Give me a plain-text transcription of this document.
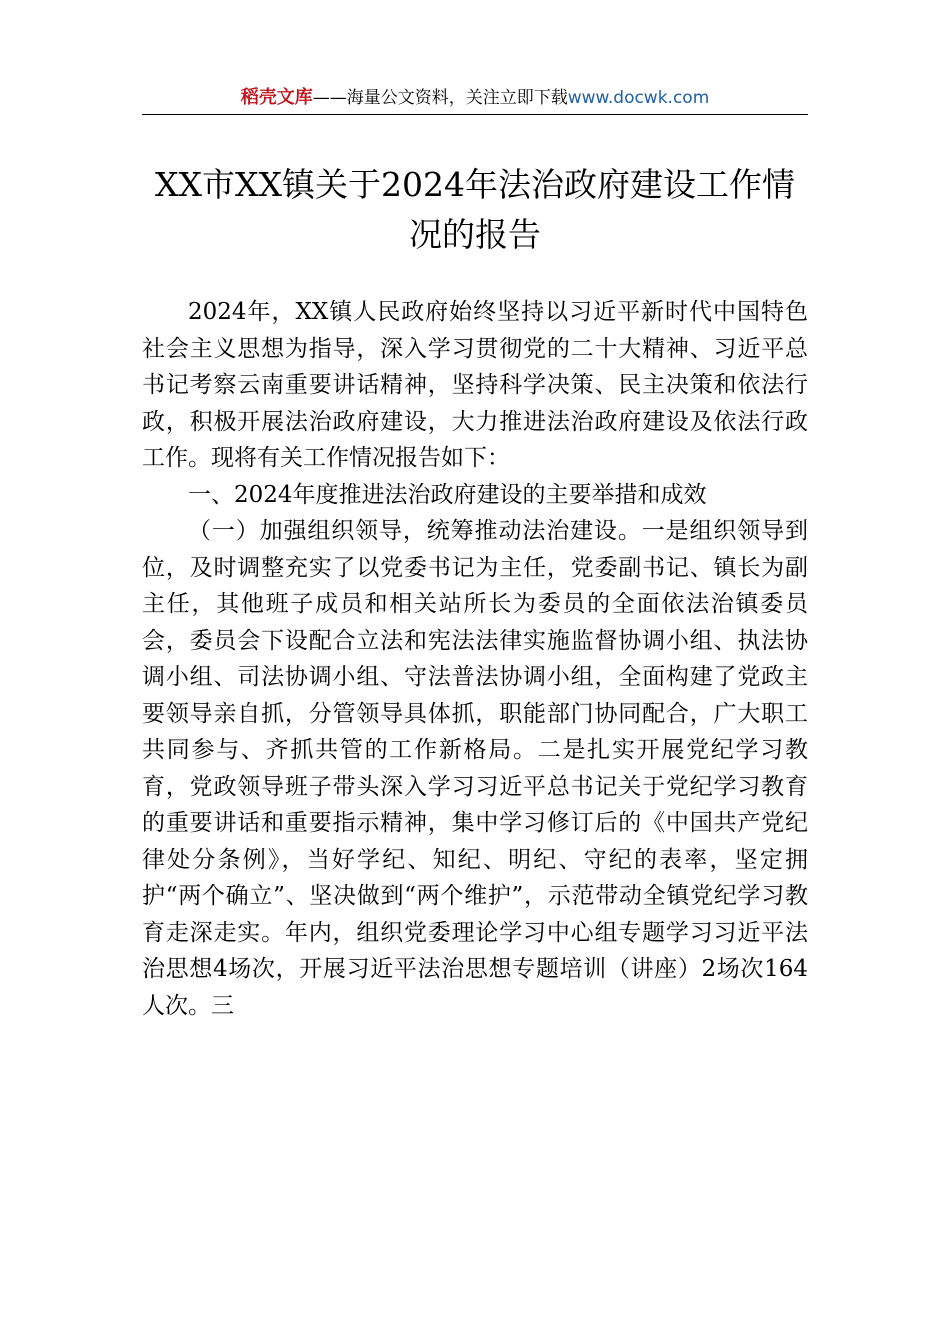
稻壳文库——海量公文资料，关注立即下载www.docwk.com
XX市XX镇关于2024年法治政府建设工作情况的报告

2024年，XX镇人民政府始终坚持以习近平新时代中国特色社会主义思想为指导，深入学习贯彻党的二十大精神、习近平总书记考察云南重要讲话精神，坚持科学决策、民主决策和依法行政，积极开展法治政府建设，大力推进法治政府建设及依法行政工作。现将有关工作情况报告如下：

一、2024年度推进法治政府建设的主要举措和成效

（一）加强组织领导，统筹推动法治建设。一是组织领导到位，及时调整充实了以党委书记为主任，党委副书记、镇长为副主任，其他班子成员和相关站所长为委员的全面依法治镇委员会，委员会下设配合立法和宪法法律实施监督协调小组、执法协调小组、司法协调小组、守法普法协调小组，全面构建了党政主要领导亲自抓，分管领导具体抓，职能部门协同配合，广大职工共同参与、齐抓共管的工作新格局。二是扎实开展党纪学习教育，党政领导班子带头深入学习习近平总书记关于党纪学习教育的重要讲话和重要指示精神，集中学习修订后的《中国共产党纪律处分条例》，当好学纪、知纪、明纪、守纪的表率，坚定拥护“两个确立”、坚决做到“两个维护”，示范带动全镇党纪学习教育走深走实。年内，组织党委理论学习中心组专题学习习近平法治思想4场次，开展习近平法治思想专题培训（讲座）2场次164人次。三
